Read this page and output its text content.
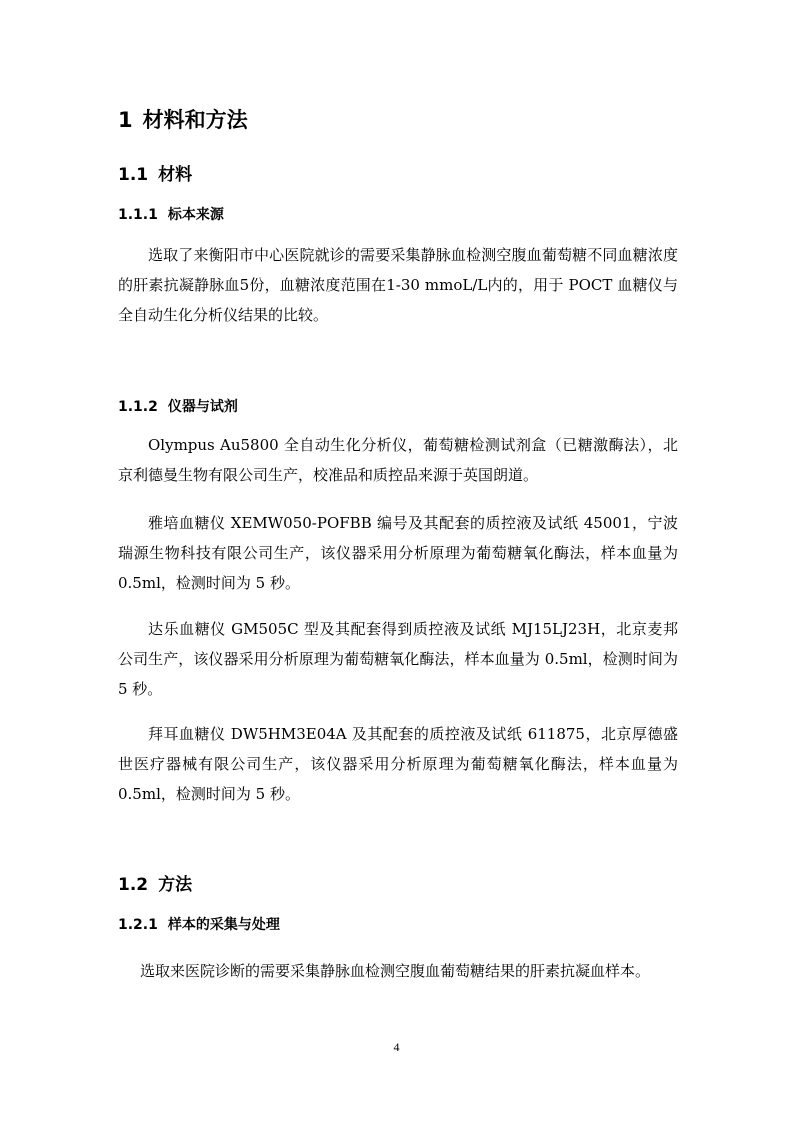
1 材料和方法
1.1 材料
1.1.1 标本来源

选取了来衡阳市中心医院就诊的需要采集静脉血检测空腹血葡萄糖不同血糖浓度的肝素抗凝静脉血5份，血糖浓度范围在1-30 mmoL/L内的，用于 POCT 血糖仪与全自动生化分析仪结果的比较。

1.1.2 仪器与试剂

Olympus Au5800 全自动生化分析仪，葡萄糖检测试剂盒（已糖激酶法），北京利德曼生物有限公司生产，校准品和质控品来源于英国朗道。

雅培血糖仪 XEMW050-POFBB 编号及其配套的质控液及试纸 45001，宁波瑞源生物科技有限公司生产，该仪器采用分析原理为葡萄糖氧化酶法，样本血量为 0.5ml，检测时间为 5 秒。

达乐血糖仪 GM505C 型及其配套得到质控液及试纸 MJ15LJ23H，北京麦邦公司生产，该仪器采用分析原理为葡萄糖氧化酶法，样本血量为 0.5ml，检测时间为 5 秒。

拜耳血糖仪 DW5HM3E04A 及其配套的质控液及试纸 611875，北京厚德盛世医疗器械有限公司生产，该仪器采用分析原理为葡萄糖氧化酶法，样本血量为 0.5ml，检测时间为 5 秒。

1.2 方法
1.2.1 样本的采集与处理

选取来医院诊断的需要采集静脉血检测空腹血葡萄糖结果的肝素抗凝血样本。

4
